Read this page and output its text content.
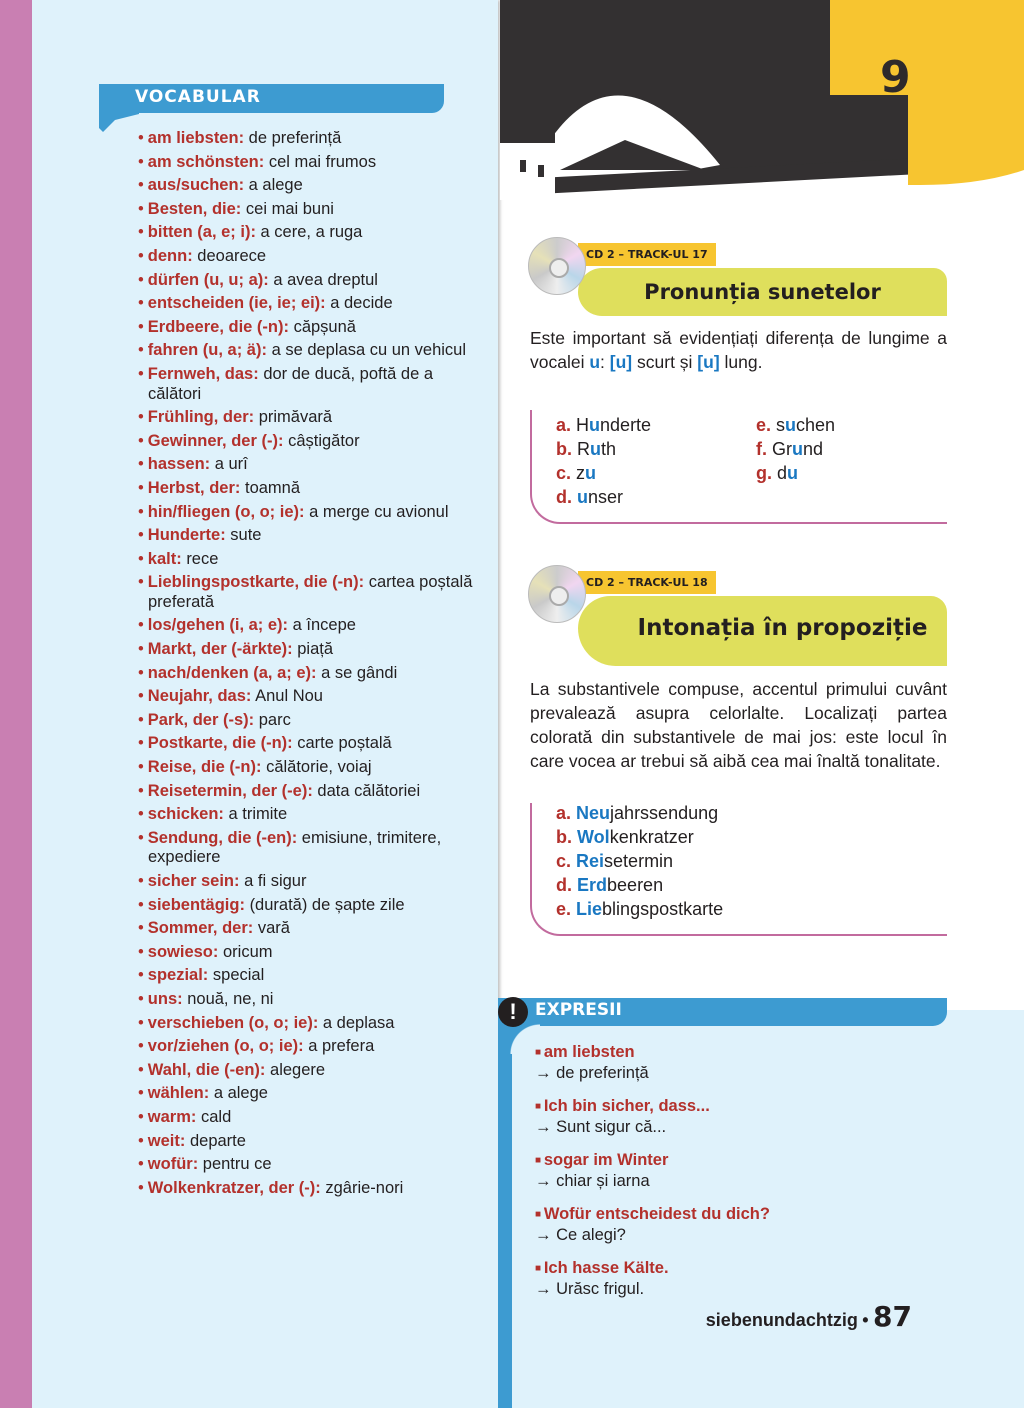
VOCABULAR
• am liebsten: de preferință
• am schönsten: cel mai frumos
• aus/suchen: a alege
• Besten, die: cei mai buni
• bitten (a, e; i): a cere, a ruga
• denn: deoarece
• dürfen (u, u; a): a avea dreptul
• entscheiden (ie, ie; ei): a decide
• Erdbeere, die (-n): căpșună
• fahren (u, a; ä): a se deplasa cu un vehicul
• Fernweh, das: dor de ducă, poftă de a călători
• Frühling, der: primăvară
• Gewinner, der (-): câștigător
• hassen: a urî
• Herbst, der: toamnă
• hin/fliegen (o, o; ie): a merge cu avionul
• Hunderte: sute
• kalt: rece
• Lieblingspostkarte, die (-n): cartea poștală preferată
• los/gehen (i, a; e): a începe
• Markt, der (-ärkte): piață
• nach/denken (a, a; e): a se gândi
• Neujahr, das: Anul Nou
• Park, der (-s): parc
• Postkarte, die (-n): carte poștală
• Reise, die (-n): călătorie, voiaj
• Reisetermin, der (-e): data călătoriei
• schicken: a trimite
• Sendung, die (-en): emisiune, trimitere, expediere
• sicher sein: a fi sigur
• siebentägig: (durată) de șapte zile
• Sommer, der: vară
• sowieso: oricum
• spezial: special
• uns: nouă, ne, ni
• verschieben (o, o; ie): a deplasa
• vor/ziehen (o, o; ie): a prefera
• Wahl, die (-en): alegere
• wählen: a alege
• warm: cald
• weit: departe
• wofür: pentru ce
• Wolkenkratzer, der (-): zgârie-nori
9
CD 2 – TRACK-UL 17
Pronunția sunetelor
Este important să evidențiați diferența de lungime a vocalei u: [u] scurt și [u] lung.
a. Hunderte
b. Ruth
c. zu
d. unser
e. suchen
f. Grund
g. du
CD 2 – TRACK-UL 18
Intonația în propoziție
La substantivele compuse, accentul primului cuvânt prevalează asupra celorlalte. Localizați partea colorată din substantivele de mai jos: este locul în care vocea ar trebui să aibă cea mai înaltă tonalitate.
a. Neujahrssendung
b. Wolkenkratzer
c. Reisetermin
d. Erdbeeren
e. Lieblingspostkarte
EXPRESII
!
■ am liebsten
→ de preferință
■ Ich bin sicher, dass...
→ Sunt sigur că...
■ sogar im Winter
→ chiar și iarna
■ Wofür entscheidest du dich?
→ Ce alegi?
■ Ich hasse Kälte.
→ Urăsc frigul.
siebenundachtzig • 87
